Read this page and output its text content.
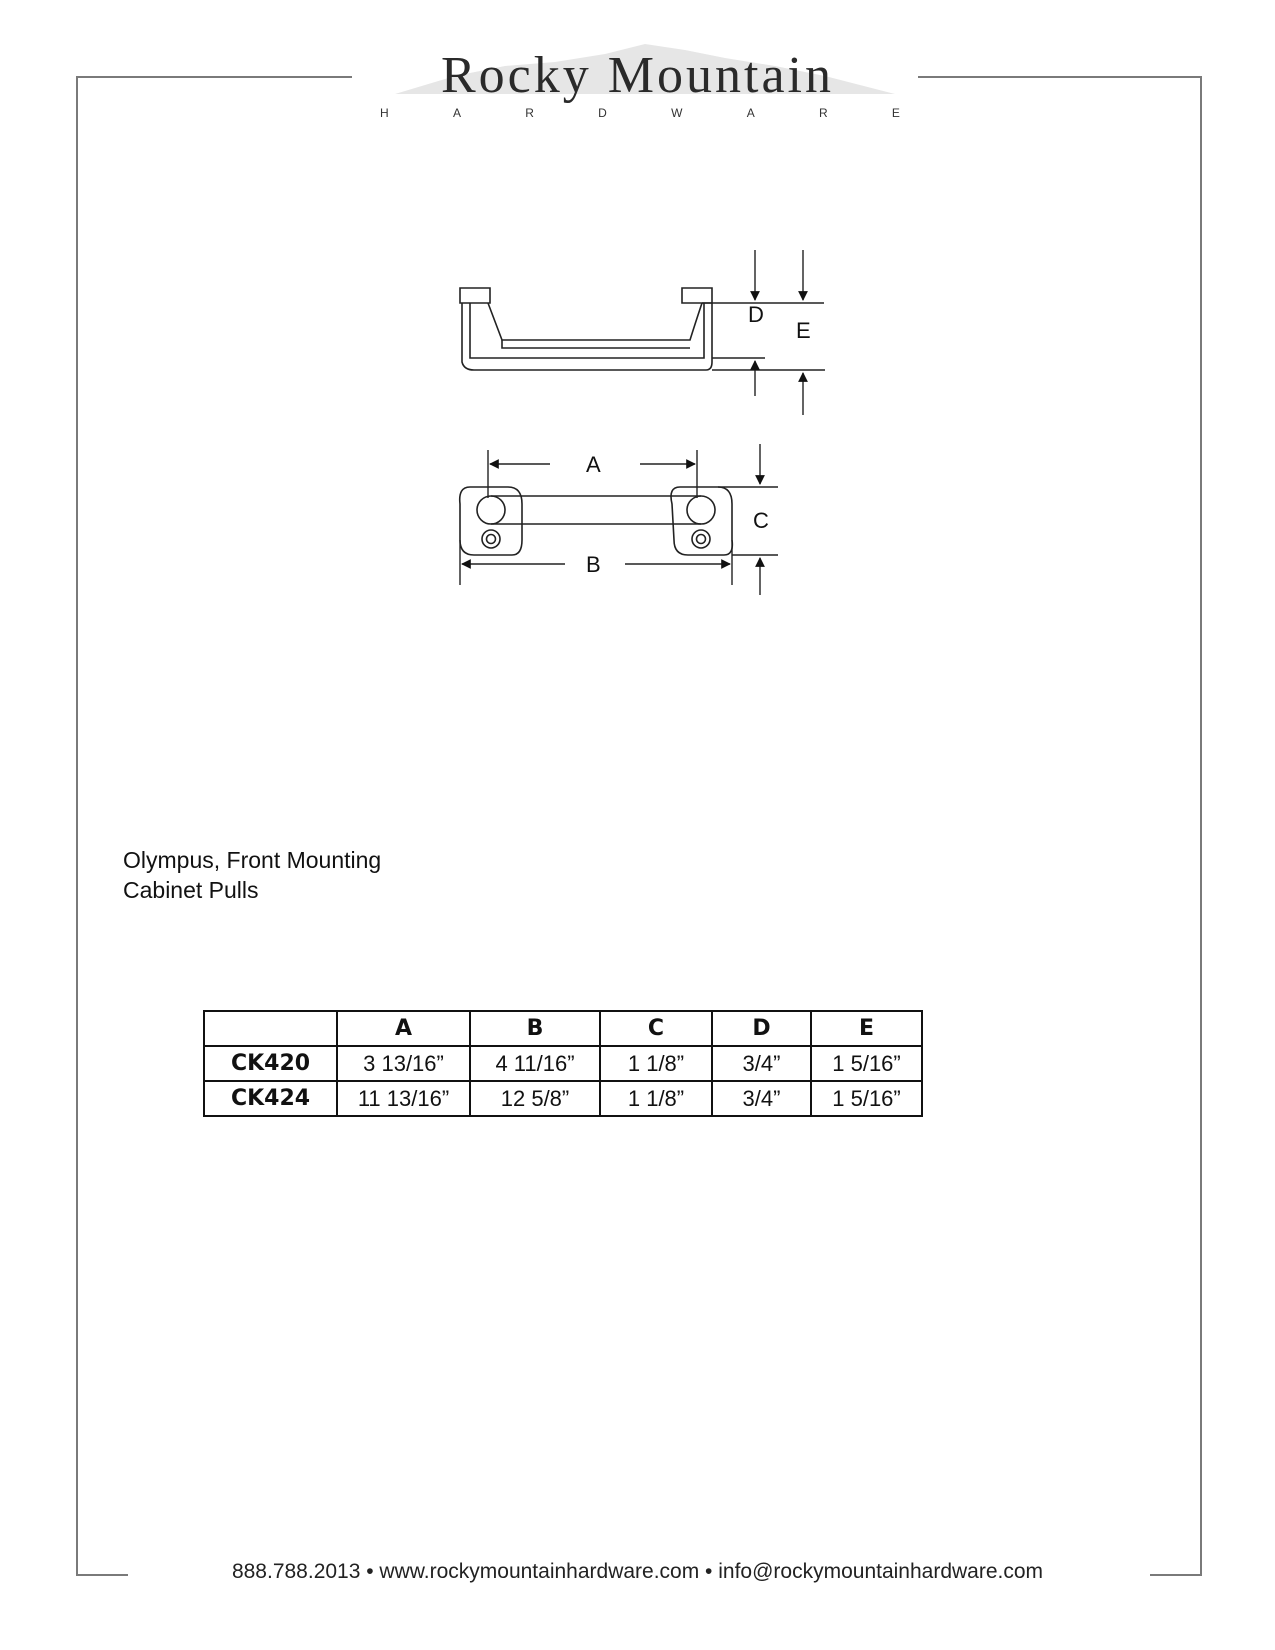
Rocky Mountain
H	A	R	D	W	A	R	E
D
E
A
C
B
Olympus, Front Mounting
Cabinet Pulls
	A	B	C	D	E
CK420	3 13/16”	4 11/16”	1 1/8”	3/4”	1 5/16”
CK424	11 13/16”	12 5/8”	1 1/8”	3/4”	1 5/16”
888.788.2013 • www.rockymountainhardware.com • info@rockymountainhardware.com
